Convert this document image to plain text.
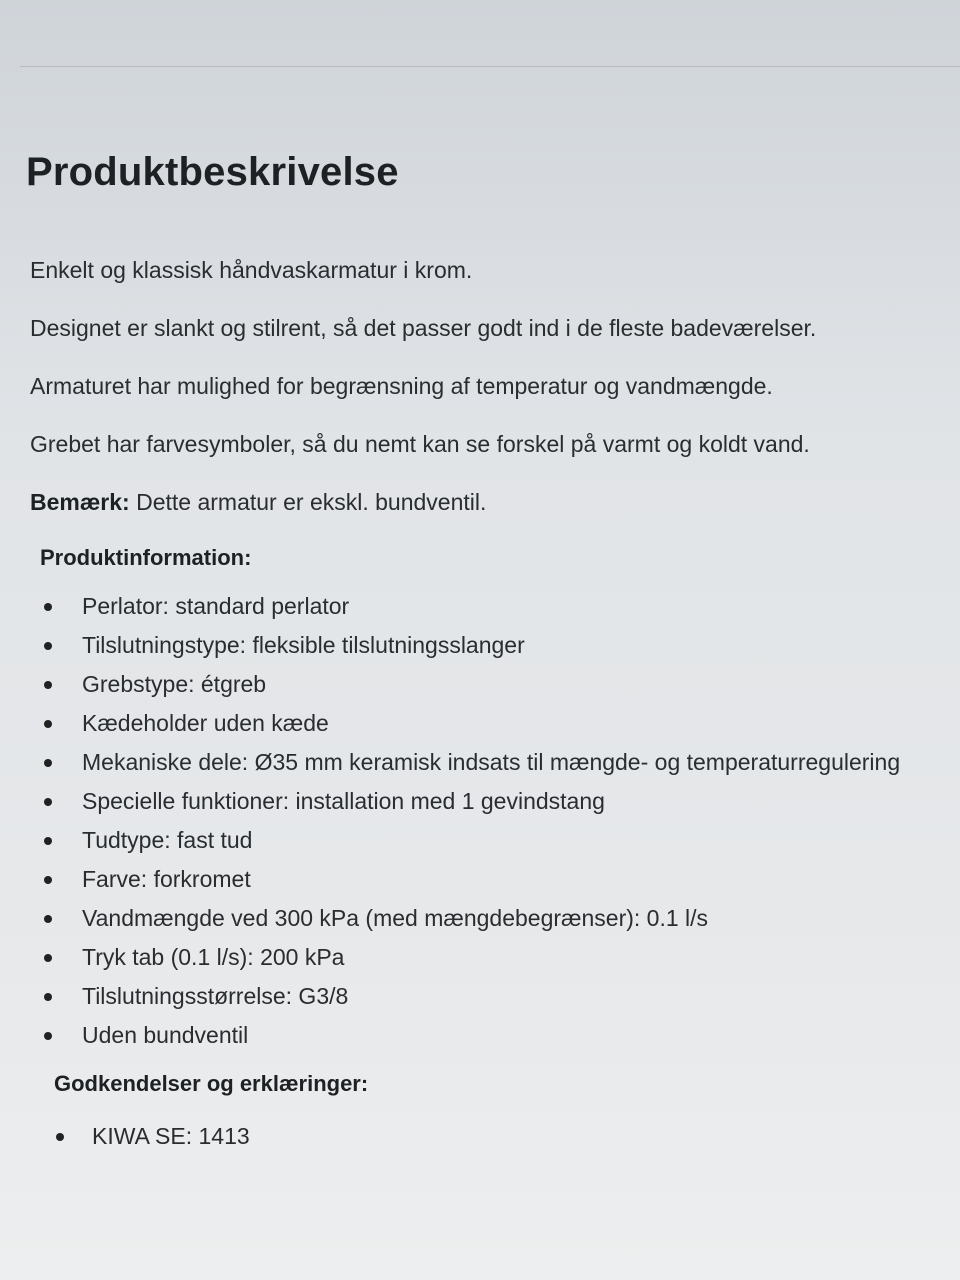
Produktbeskrivelse

Enkelt og klassisk håndvaskarmatur i krom.

Designet er slankt og stilrent, så det passer godt ind i de fleste badeværelser.

Armaturet har mulighed for begrænsning af temperatur og vandmængde.

Grebet har farvesymboler, så du nemt kan se forskel på varmt og koldt vand.

Bemærk: Dette armatur er ekskl. bundventil.

Produktinformation:
Perlator: standard perlator
Tilslutningstype: fleksible tilslutningsslanger
Grebstype: étgreb
Kædeholder uden kæde
Mekaniske dele: Ø35 mm keramisk indsats til mængde- og temperaturregulering
Specielle funktioner: installation med 1 gevindstang
Tudtype: fast tud
Farve: forkromet
Vandmængde ved 300 kPa (med mængdebegrænser): 0.1 l/s
Tryk tab (0.1 l/s): 200 kPa
Tilslutningsstørrelse: G3/8
Uden bundventil
Godkendelser og erklæringer:
KIWA SE: 1413
